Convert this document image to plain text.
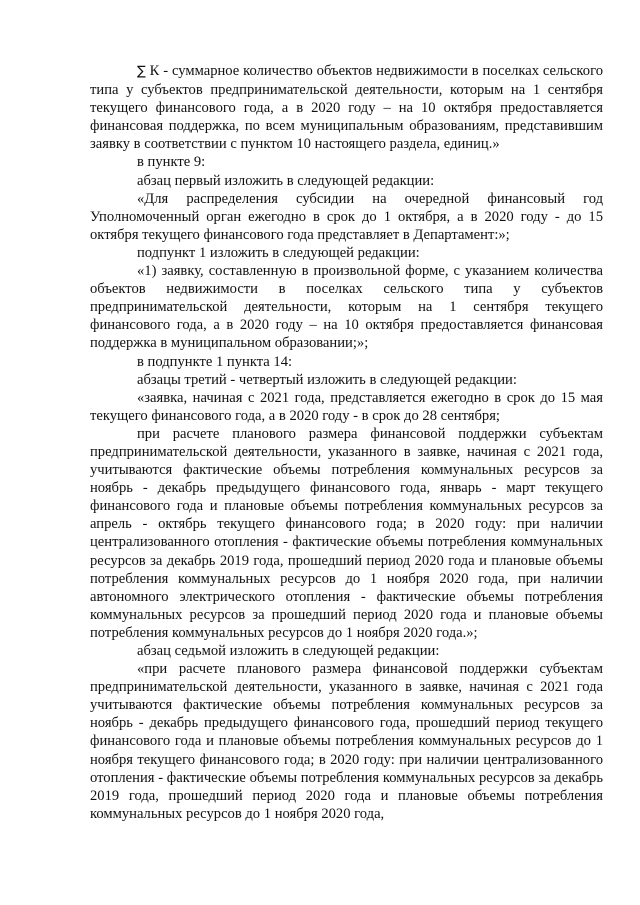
∑ К - суммарное количество объектов недвижимости в поселках сельского типа у субъектов предпринимательской деятельности, которым на 1 сентября текущего финансового года, а в 2020 году – на 10 октября предоставляется финансовая поддержка, по всем муниципальным образованиям, представившим заявку в соответствии с пунктом 10 настоящего раздела, единиц.»

в пункте 9:

абзац первый изложить в следующей редакции:

«Для распределения субсидии на очередной финансовый год Уполномоченный орган ежегодно в срок до 1 октября, а в 2020 году - до 15 октября текущего финансового года представляет в Департамент:»;

подпункт 1 изложить в следующей редакции:

«1) заявку, составленную в произвольной форме, с указанием количества объектов недвижимости в поселках сельского типа у субъектов предпринимательской деятельности, которым на 1 сентября текущего финансового года, а в 2020 году – на 10 октября предоставляется финансовая поддержка в муниципальном образовании;»;

в подпункте 1 пункта 14:

абзацы третий - четвертый изложить в следующей редакции:

«заявка, начиная с 2021 года, представляется ежегодно в срок до 15 мая текущего финансового года, а в 2020 году - в срок до 28 сентября;

при расчете планового размера финансовой поддержки субъектам предпринимательской деятельности, указанного в заявке, начиная с 2021 года, учитываются фактические объемы потребления коммунальных ресурсов за ноябрь - декабрь предыдущего финансового года, январь - март текущего финансового года и плановые объемы потребления коммунальных ресурсов за апрель - октябрь текущего финансового года; в 2020 году: при наличии централизованного отопления - фактические объемы потребления коммунальных ресурсов за декабрь 2019 года, прошедший период 2020 года и плановые объемы потребления коммунальных ресурсов до 1 ноября 2020 года, при наличии автономного электрического отопления - фактические объемы потребления коммунальных ресурсов за прошедший период 2020 года и плановые объемы потребления коммунальных ресурсов до 1 ноября 2020 года.»;

абзац седьмой изложить в следующей редакции:

«при расчете планового размера финансовой поддержки субъектам предпринимательской деятельности, указанного в заявке, начиная с 2021 года учитываются фактические объемы потребления коммунальных ресурсов за ноябрь - декабрь предыдущего финансового года, прошедший период текущего финансового года и плановые объемы потребления коммунальных ресурсов до 1 ноября текущего финансового года; в 2020 году: при наличии централизованного отопления - фактические объемы потребления коммунальных ресурсов за декабрь 2019 года, прошедший период 2020 года и плановые объемы потребления коммунальных ресурсов до 1 ноября 2020 года,
